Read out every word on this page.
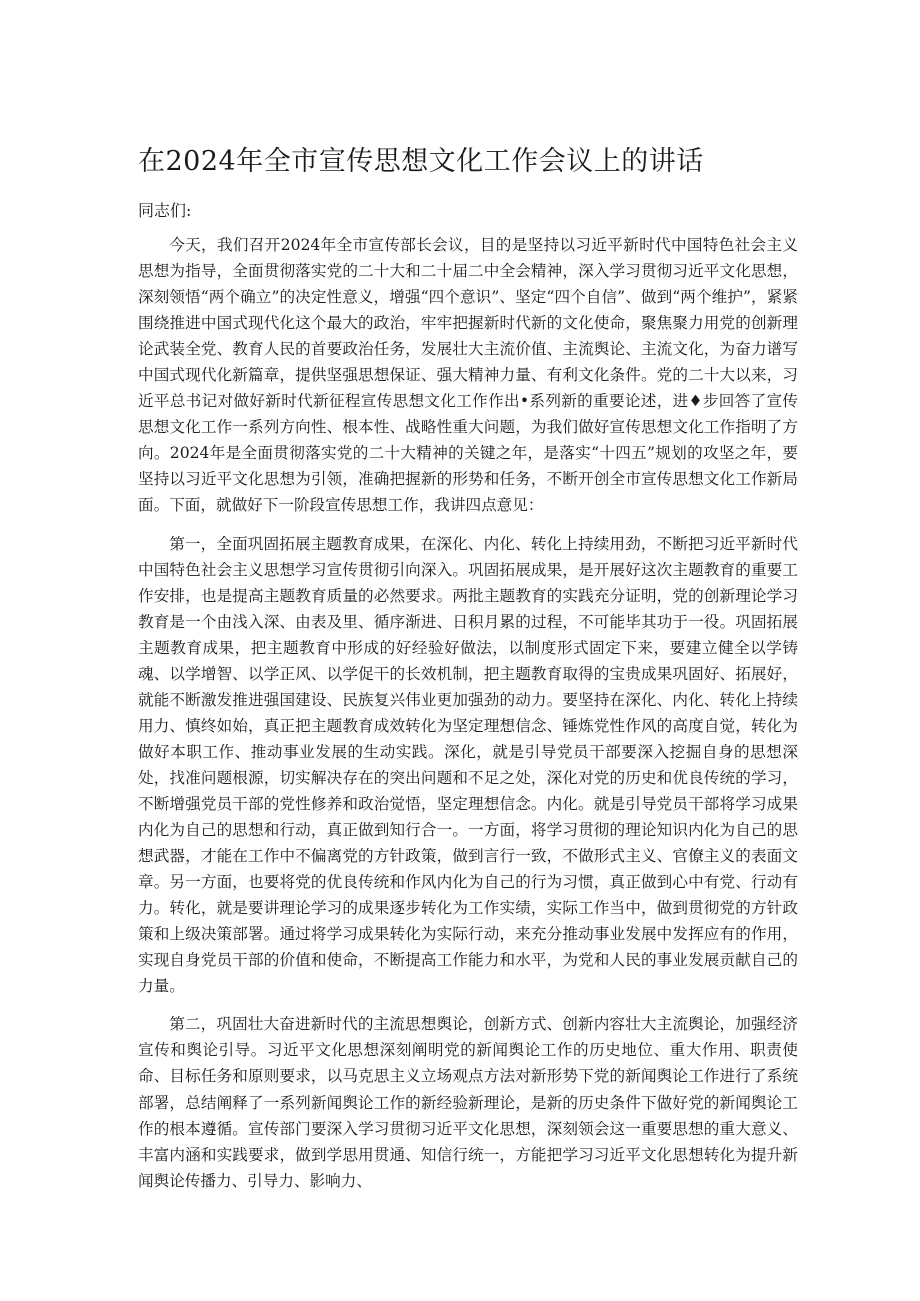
在2024年全市宣传思想文化工作会议上的讲话

同志们:

今天，我们召开2024年全市宣传部长会议，目的是坚持以习近平新时代中国特色社会主义思想为指导，全面贯彻落实党的二十大和二十届二中全会精神，深入学习贯彻习近平文化思想，深刻领悟“两个确立”的决定性意义，增强“四个意识”、坚定“四个自信”、做到“两个维护”，紧紧围绕推进中国式现代化这个最大的政治，牢牢把握新时代新的文化使命，聚焦聚力用党的创新理论武装全党、教育人民的首要政治任务，发展壮大主流价值、主流舆论、主流文化，为奋力谱写中国式现代化新篇章，提供坚强思想保证、强大精神力量、有利文化条件。党的二十大以来，习近平总书记对做好新时代新征程宣传思想文化工作作出•系列新的重要论述，进♦步回答了宣传思想文化工作一系列方向性、根本性、战略性重大问题，为我们做好宣传思想文化工作指明了方向。2024年是全面贯彻落实党的二十大精神的关键之年，是落实“十四五”规划的攻坚之年，要坚持以习近平文化思想为引领，准确把握新的形势和任务，不断开创全市宣传思想文化工作新局面。下面，就做好下一阶段宣传思想工作，我讲四点意见：

第一，全面巩固拓展主题教育成果，在深化、内化、转化上持续用劲，不断把习近平新时代中国特色社会主义思想学习宣传贯彻引向深入。巩固拓展成果，是开展好这次主题教育的重要工作安排，也是提高主题教育质量的必然要求。两批主题教育的实践充分证明，党的创新理论学习教育是一个由浅入深、由表及里、循序渐进、日积月累的过程，不可能毕其功于一役。巩固拓展主题教育成果，把主题教育中形成的好经验好做法，以制度形式固定下来，要建立健全以学铸魂、以学增智、以学正风、以学促干的长效机制，把主题教育取得的宝贵成果巩固好、拓展好，就能不断激发推进强国建设、民族复兴伟业更加强劲的动力。要坚持在深化、内化、转化上持续用力、慎终如始，真正把主题教育成效转化为坚定理想信念、锤炼党性作风的高度自觉，转化为做好本职工作、推动事业发展的生动实践。深化，就是引导党员干部要深入挖掘自身的思想深处，找准问题根源，切实解决存在的突出问题和不足之处，深化对党的历史和优良传统的学习，不断增强党员干部的党性修养和政治觉悟，坚定理想信念。内化。就是引导党员干部将学习成果内化为自己的思想和行动，真正做到知行合一。一方面，将学习贯彻的理论知识内化为自己的思想武器，才能在工作中不偏离党的方针政策，做到言行一致，不做形式主义、官僚主义的表面文章。另一方面，也要将党的优良传统和作风内化为自己的行为习惯，真正做到心中有党、行动有力。转化，就是要讲理论学习的成果逐步转化为工作实绩，实际工作当中，做到贯彻党的方针政策和上级决策部署。通过将学习成果转化为实际行动，来充分推动事业发展中发挥应有的作用，实现自身党员干部的价值和使命，不断提高工作能力和水平，为党和人民的事业发展贡献自己的力量。

第二，巩固壮大奋进新时代的主流思想舆论，创新方式、创新内容壮大主流舆论，加强经济宣传和舆论引导。习近平文化思想深刻阐明党的新闻舆论工作的历史地位、重大作用、职责使命、目标任务和原则要求，以马克思主义立场观点方法对新形势下党的新闻舆论工作进行了系统部署，总结阐释了一系列新闻舆论工作的新经验新理论，是新的历史条件下做好党的新闻舆论工作的根本遵循。宣传部门要深入学习贯彻习近平文化思想，深刻领会这一重要思想的重大意义、丰富内涵和实践要求，做到学思用贯通、知信行统一，方能把学习习近平文化思想转化为提升新闻舆论传播力、引导力、影响力、
